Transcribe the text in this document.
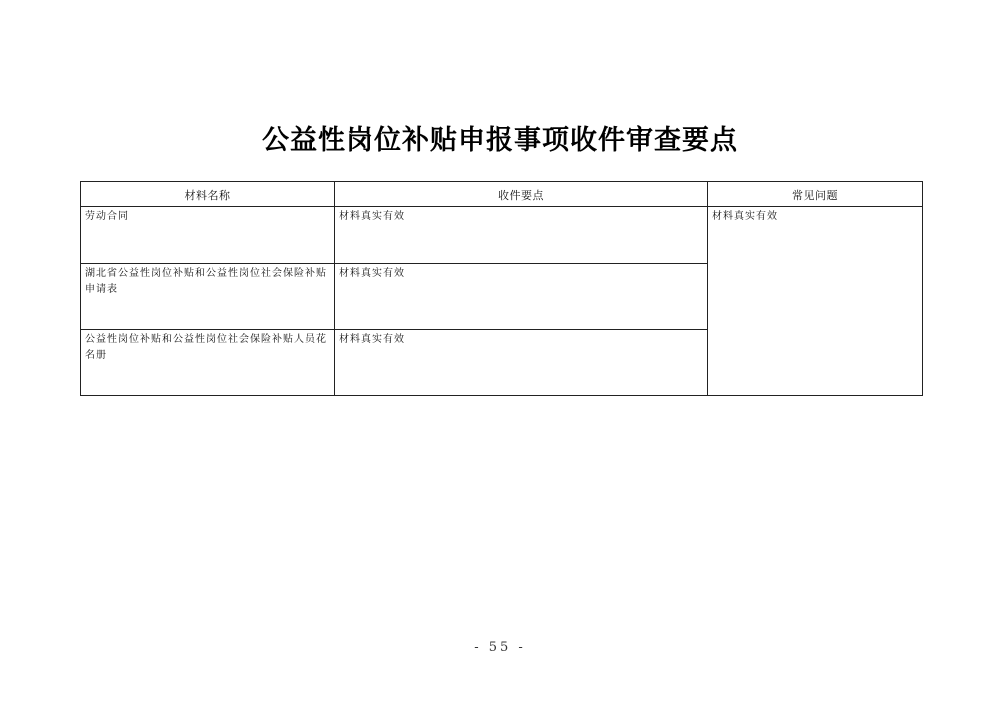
公益性岗位补贴申报事项收件审查要点
材料名称	收件要点	常见问题
劳动合同	材料真实有效	材料真实有效
湖北省公益性岗位补贴和公益性岗位社会保险补贴申请表	材料真实有效	
公益性岗位补贴和公益性岗位社会保险补贴人员花名册	材料真实有效	
- 55 -
